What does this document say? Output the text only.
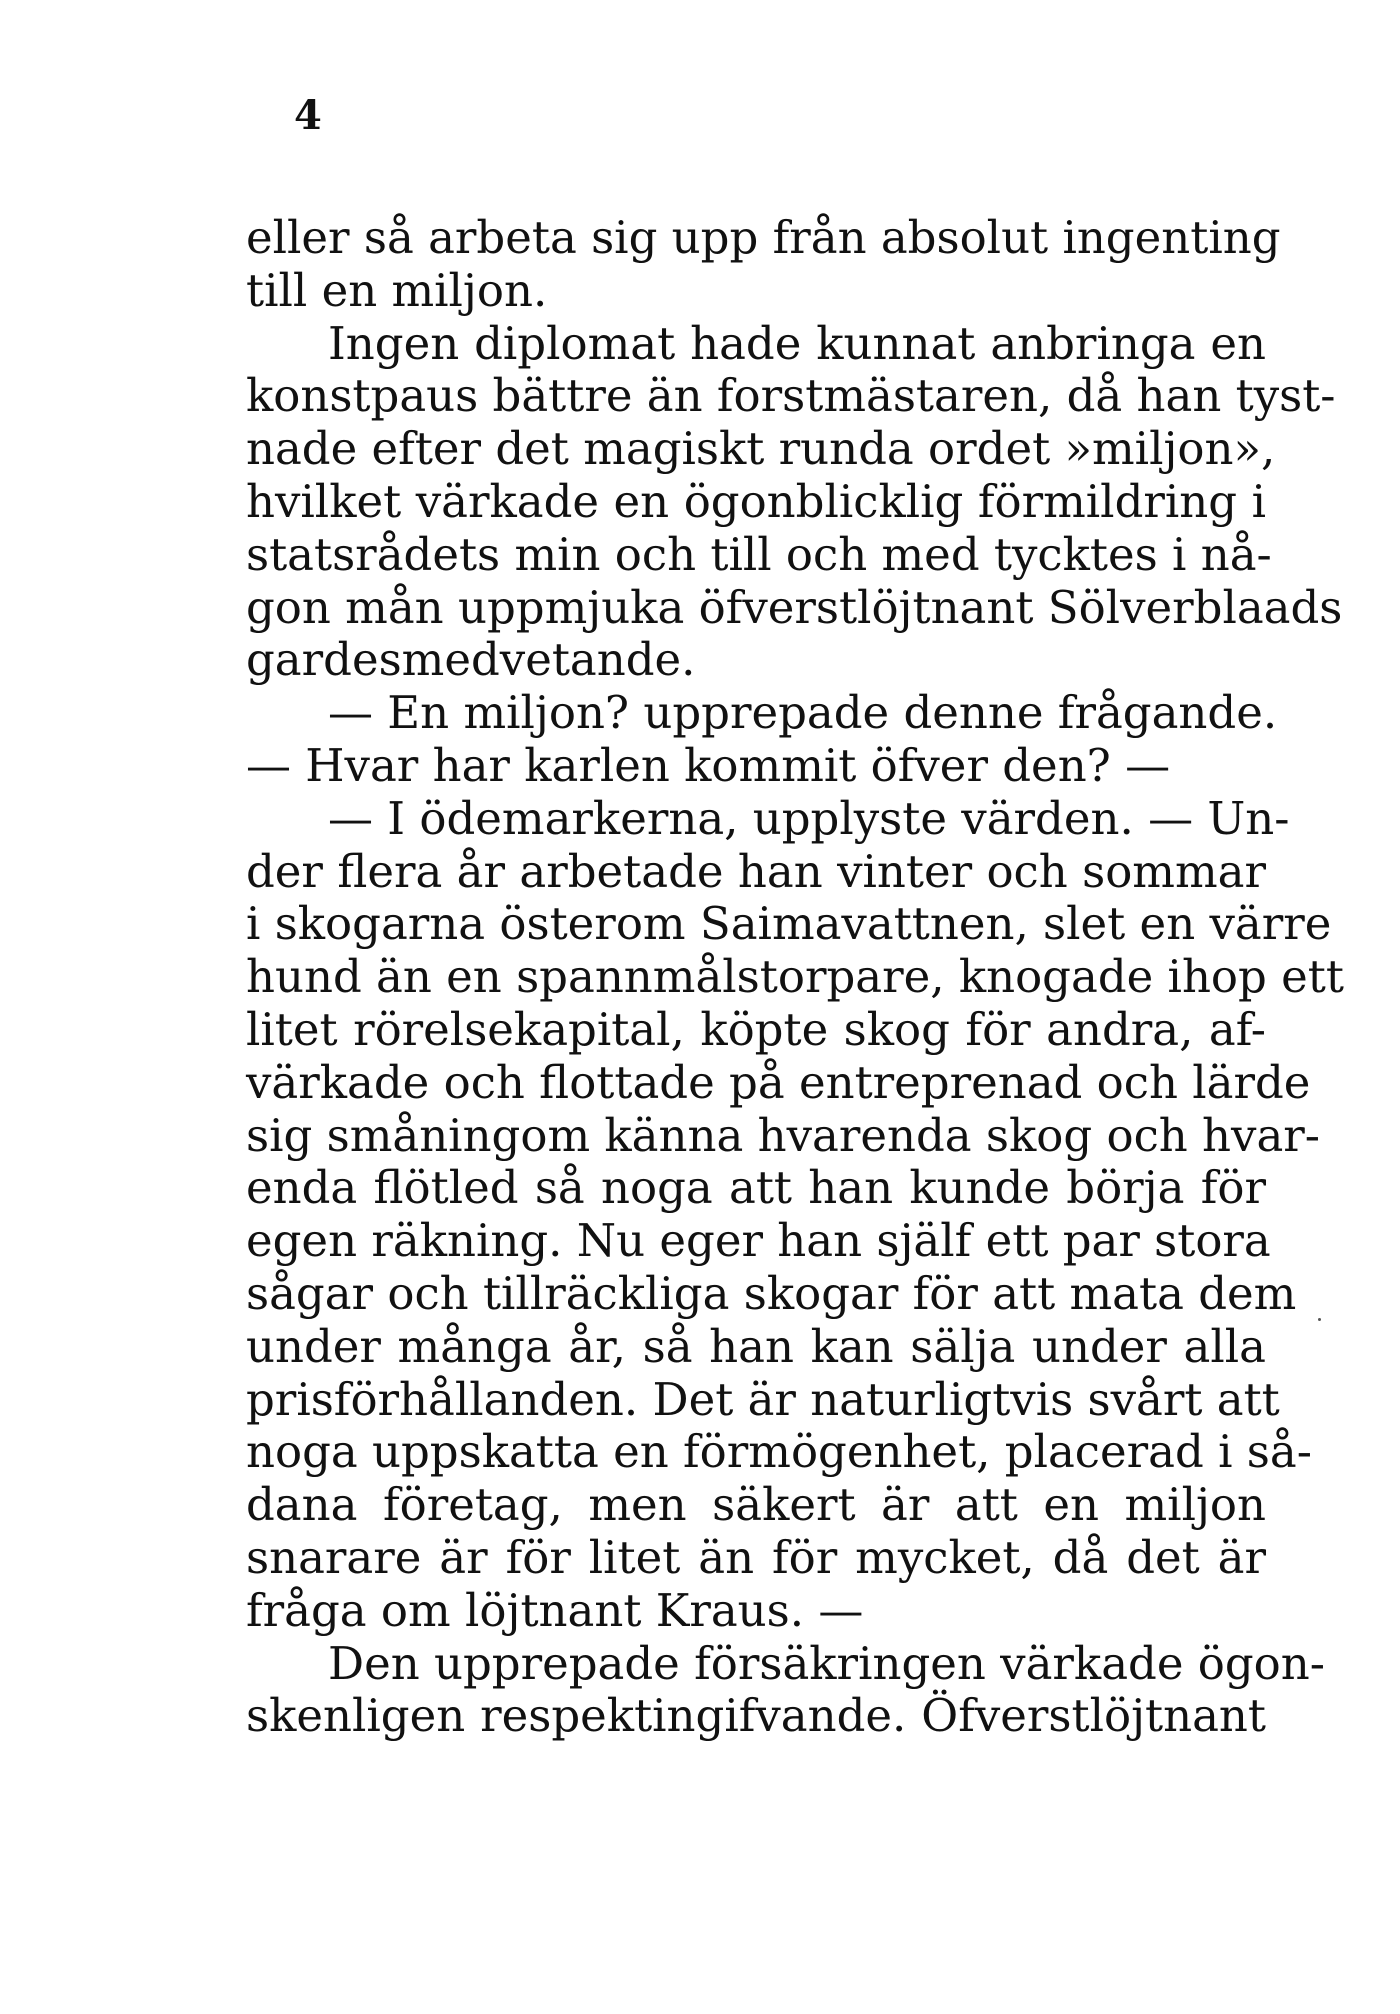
4
eller så arbeta sig upp från absolut ingenting
till en miljon.
Ingen diplomat hade kunnat anbringa en
konstpaus bättre än forstmästaren, då han tyst-
nade efter det magiskt runda ordet »miljon»,
hvilket värkade en ögonblicklig förmildring i
statsrådets min och till och med tycktes i nå-
gon mån uppmjuka öfverstlöjtnant Sölverblaads
gardesmedvetande.
— En miljon? upprepade denne frågande.
— Hvar har karlen kommit öfver den? —
— I ödemarkerna, upplyste värden. — Un-
der flera år arbetade han vinter och sommar
i skogarna österom Saimavattnen, slet en värre
hund än en spannmålstorpare, knogade ihop ett
litet rörelsekapital, köpte skog för andra, af-
värkade och flottade på entreprenad och lärde
sig småningom känna hvarenda skog och hvar-
enda flötled så noga att han kunde börja för
egen räkning. Nu eger han själf ett par stora
sågar och tillräckliga skogar för att mata dem
under många år, så han kan sälja under alla
prisförhållanden. Det är naturligtvis svårt att
noga uppskatta en förmögenhet, placerad i så-
dana företag, men säkert är att en miljon
snarare är för litet än för mycket, då det är
fråga om löjtnant Kraus. —
Den upprepade försäkringen värkade ögon-
skenligen respektingifvande. Öfverstlöjtnant
